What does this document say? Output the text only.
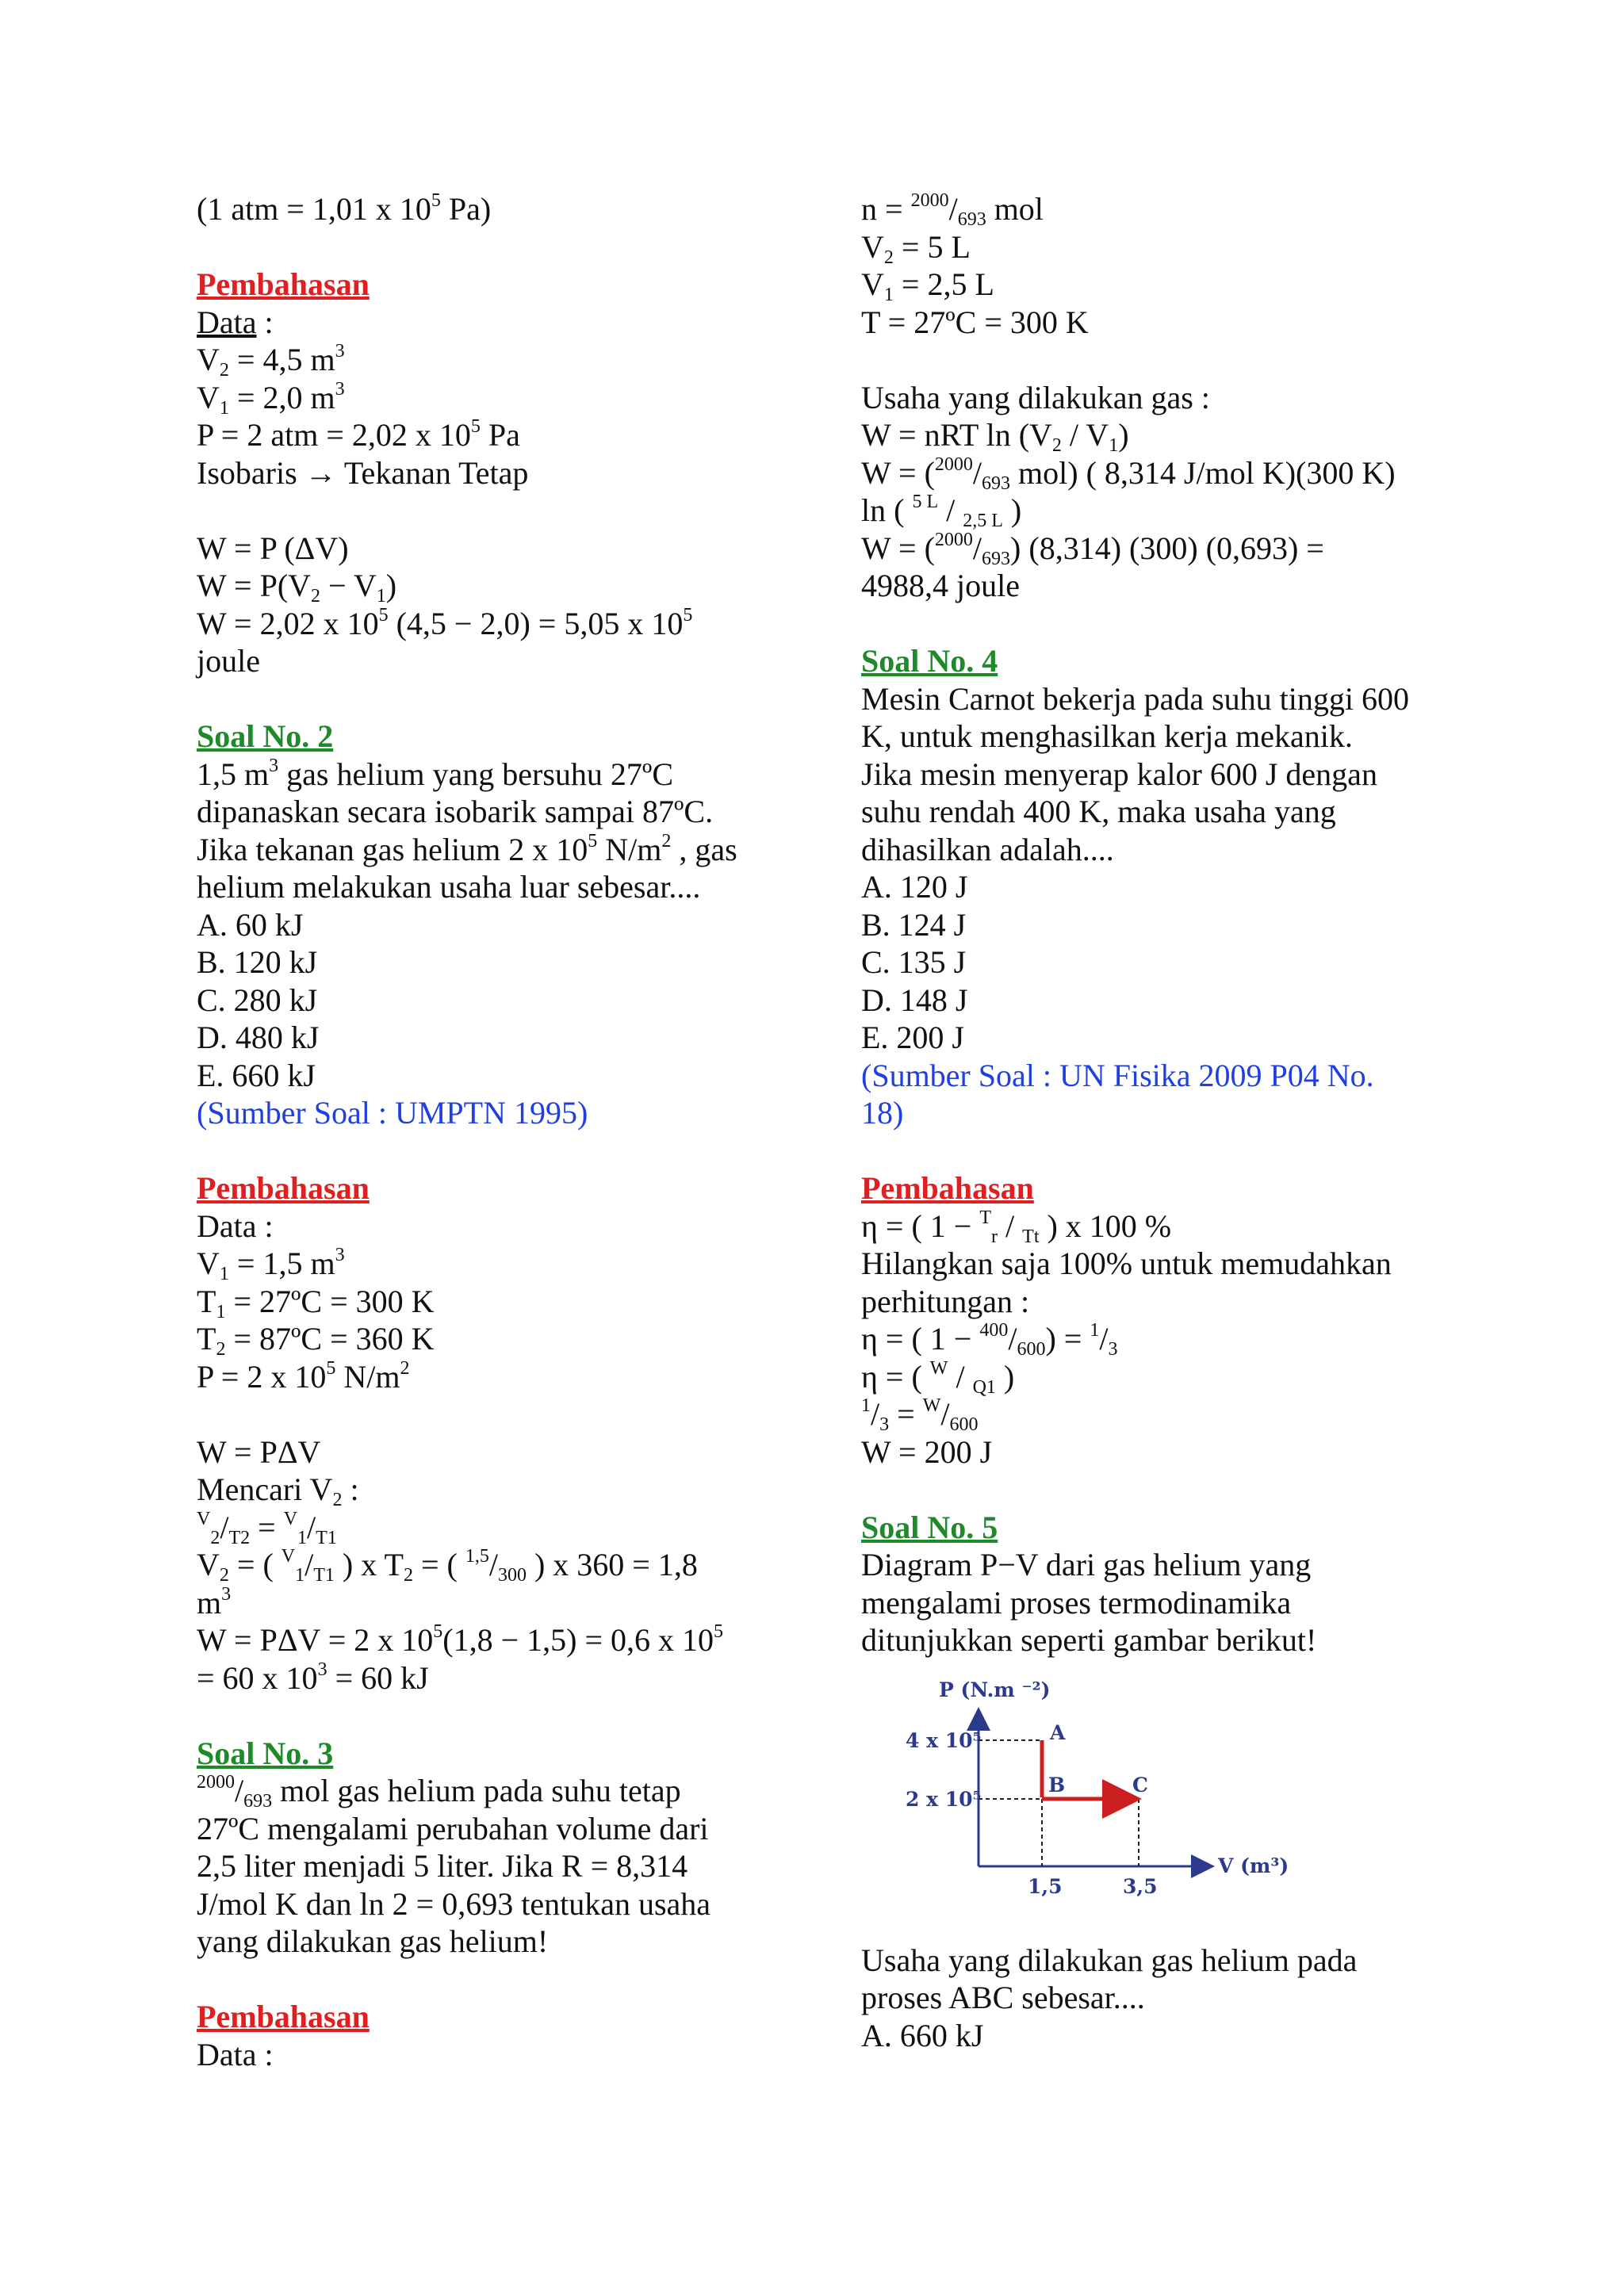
(1 atm = 1,01 x $10^5$ Pa)
Pembahasan
Data :
$V_2 = 4,5$ $m^3$
$V_1 = 2,0$ $m^3$
P = 2 atm = 2,02 x $10^5$ Pa
Isobaris → Tekanan Tetap
W = P (ΔV)
$W = P(V_2 - V_1)$
W = 2,02 x $10^5$ (4,5 − 2,0) = 5,05 x $10^5$
joule
Soal No. 2
1,5 $m^3$ gas helium yang bersuhu 27ºC
dipanaskan secara isobarik sampai 87ºC.
Jika tekanan gas helium 2 x $10^5$ $N/m^2$ , gas
helium melakukan usaha luar sebesar....
A. 60 kJ
B. 120 kJ
C. 280 kJ
D. 480 kJ
E. 660 kJ
(Sumber Soal : UMPTN 1995)
Pembahasan
Data :
$V_1 = 1,5$ $m^3$
$T_1$ = 27ºC = 300 K
$T_2$ = 87ºC = 360 K
P = 2 x $10^5$ $N/m^2$
W = PΔV
Mencari $V_2$ :
$^V_2/_{T2} = ^V_1/_{T1}$
$V_2$ = ( $^V_1/_{T1}$ ) x $T_2$ = ( $^{1,5}/_{300}$ ) x 360 = 1,8
$m^3$
W = PΔV = 2 x $10^5(1,8 - 1,5) = 0,6$ x $10^5$
= 60 x $10^3 = 60$ kJ
Soal No. 3
$^{2000}/_{693}$ mol gas helium pada suhu tetap
27ºC mengalami perubahan volume dari
2,5 liter menjadi 5 liter. Jika R = 8,314
J/mol K dan ln 2 = 0,693 tentukan usaha
yang dilakukan gas helium!
Pembahasan
Data :
$n = ^{2000}/_{693}$ mol
$V_2 = 5$ L
$V_1 = 2,5$ L
T = 27ºC = 300 K
Usaha yang dilakukan gas :
W = nRT $\ln (V_2 / V_1)$
$W = (^{2000}/_{693}$ mol) ( 8,314 J/mol K)(300 K)
ln ( $^{5 L}$ / $_{2,5 L}$ )
$W = (^{2000}/_{693})$ (8,314) (300) (0,693) =
4988,4 joule
Soal No. 4
Mesin Carnot bekerja pada suhu tinggi 600
K, untuk menghasilkan kerja mekanik.
Jika mesin menyerap kalor 600 J dengan
suhu rendah 400 K, maka usaha yang
dihasilkan adalah....
A. 120 J
B. 124 J
C. 135 J
D. 148 J
E. 200 J
(Sumber Soal : UN Fisika 2009 P04 No.
18)
Pembahasan
η = ( 1 − $^T_r$ / $_{Tt}$ ) x 100 %
Hilangkan saja 100% untuk memudahkan
perhitungan :
η = ( $1 - ^{400}/_{600}) = ^1/_3$
η = ( $^W$ / $_{Q1}$ )
$^1/_3 = ^W/_{600}$
W = 200 J
Soal No. 5
Diagram P−V dari gas helium yang
mengalami proses termodinamika
ditunjukkan seperti gambar berikut!
P (N.m ⁻²)
4 x 10⁵
2 x 10⁵
A
B	C
1,5	3,5
V (m³)
Usaha yang dilakukan gas helium pada
proses ABC sebesar....
A. 660 kJ
